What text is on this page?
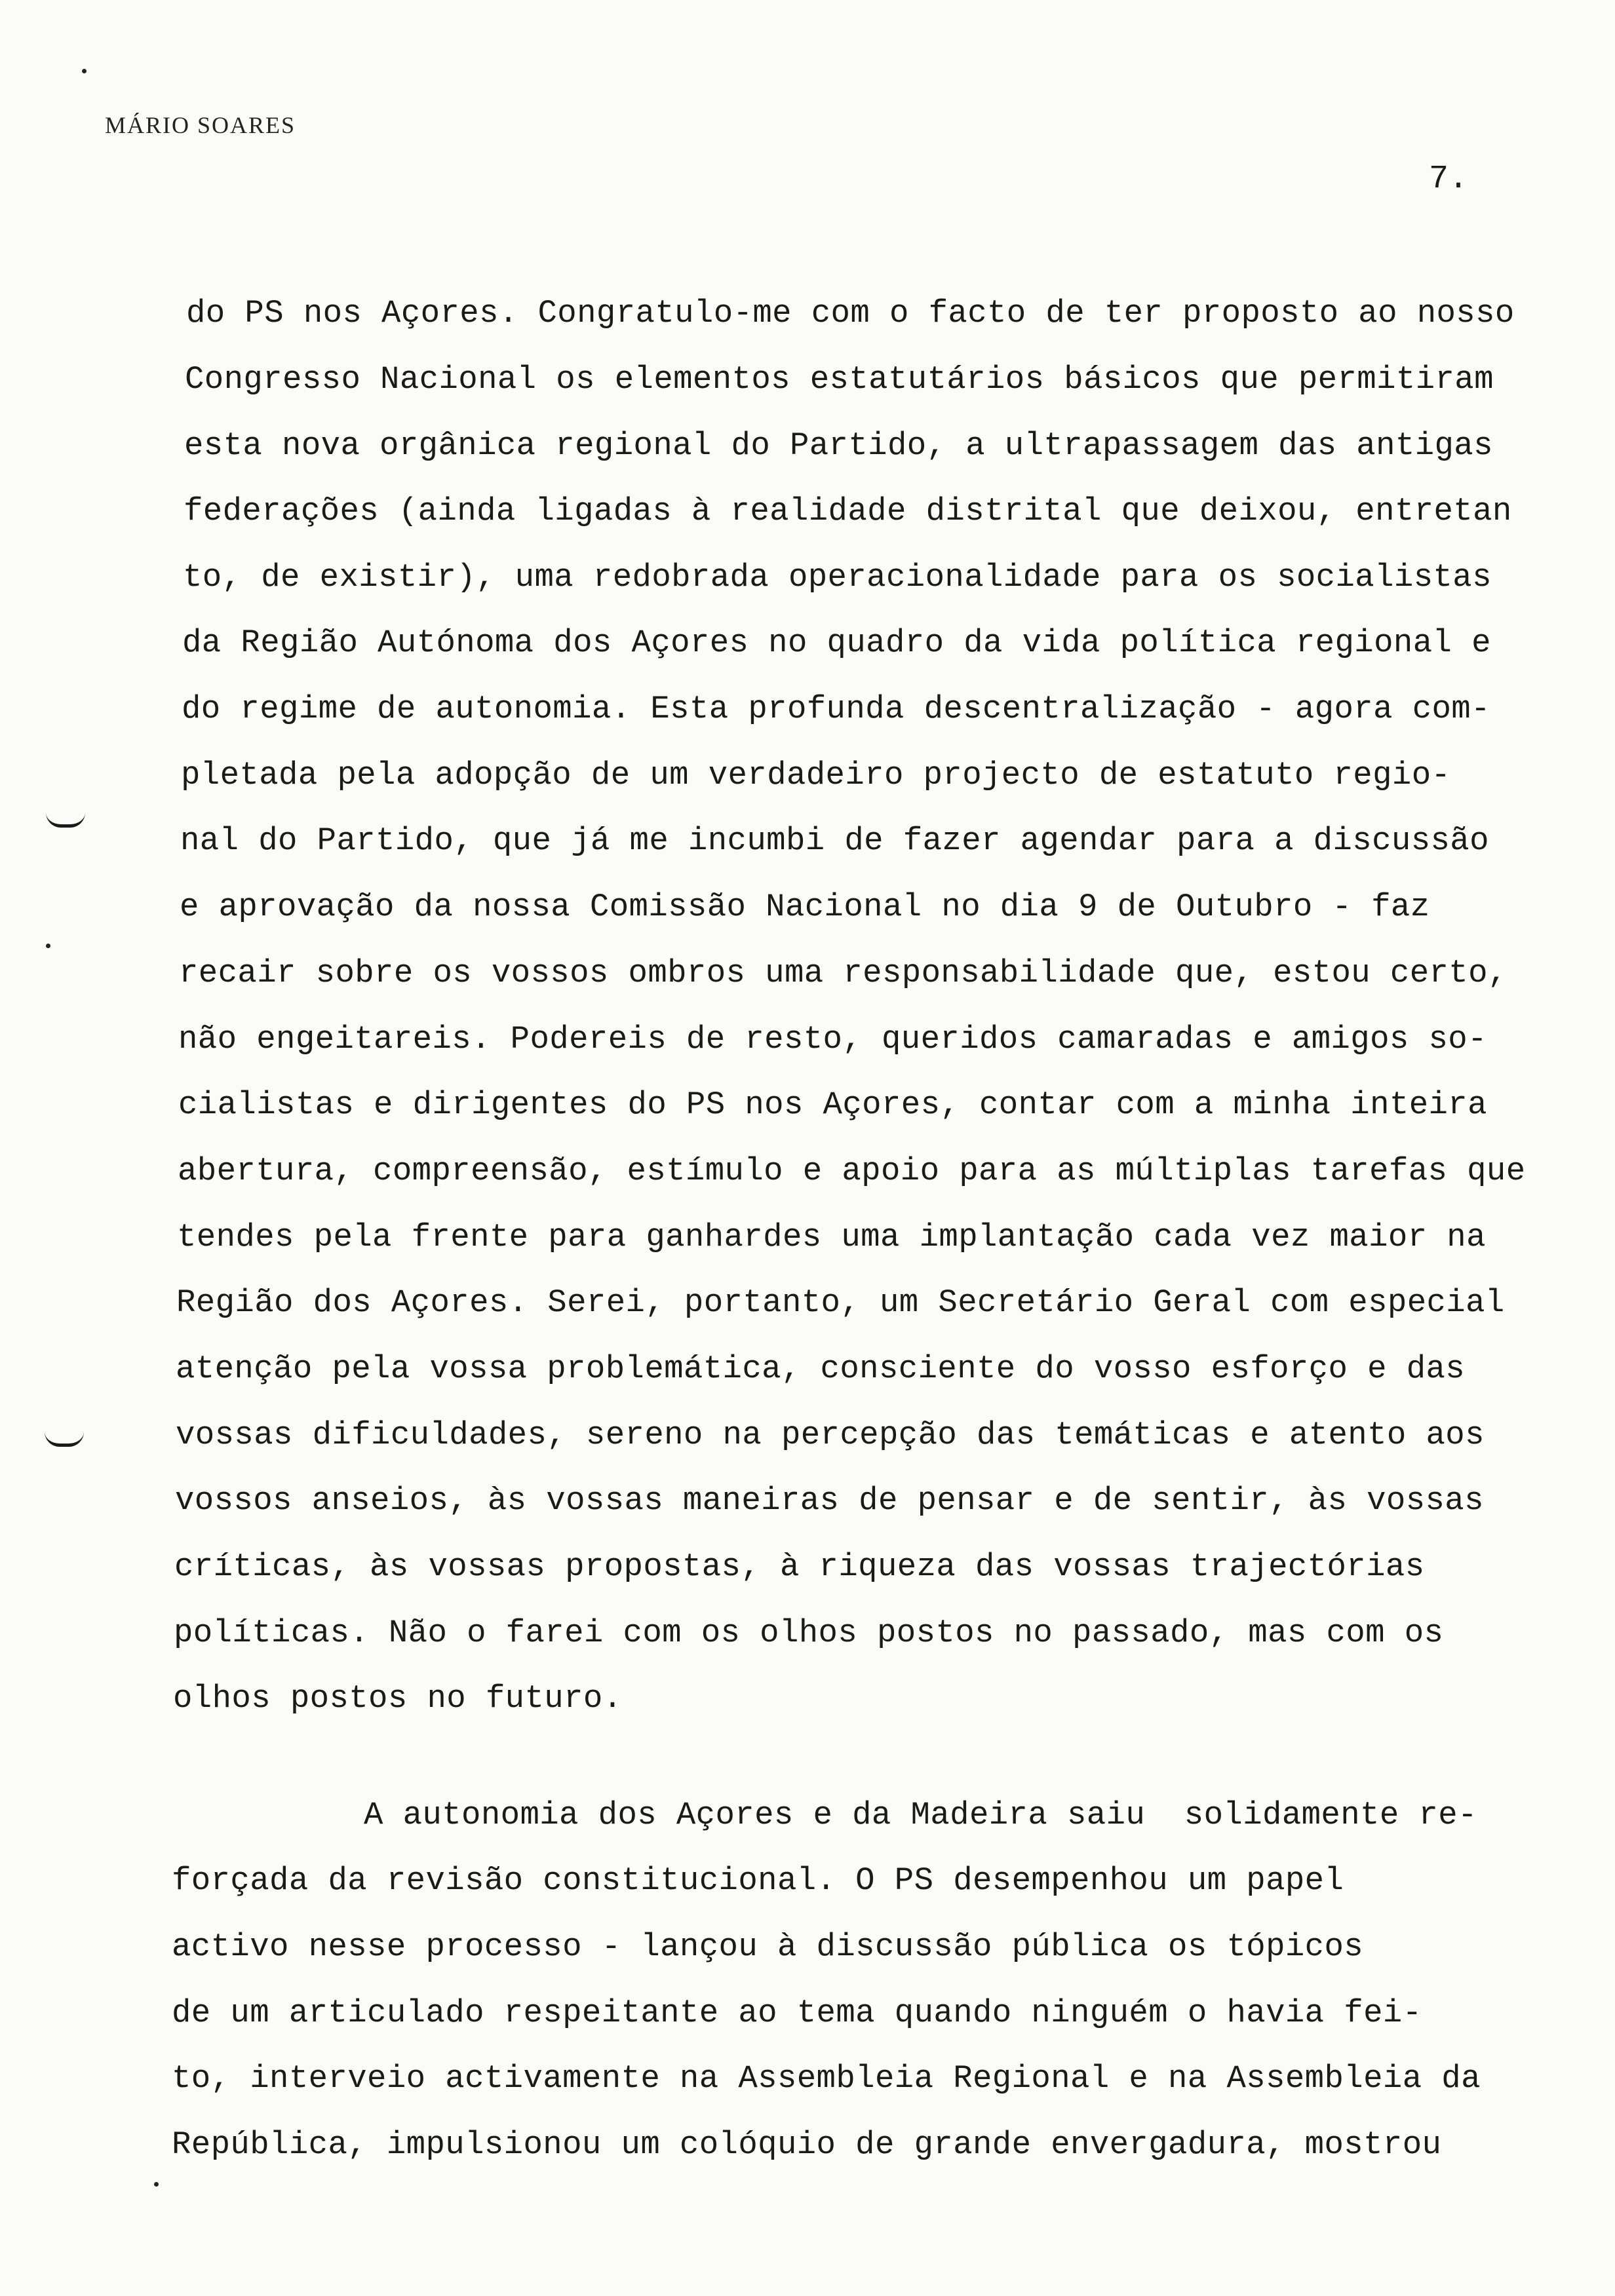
MÁRIO SOARES
7.
do PS nos Açores. Congratulo-me com o facto de ter proposto ao nosso
Congresso Nacional os elementos estatutários básicos que permitiram
esta nova orgânica regional do Partido, a ultrapassagem das antigas
federações (ainda ligadas à realidade distrital que deixou, entretan
to, de existir), uma redobrada operacionalidade para os socialistas
da Região Autónoma dos Açores no quadro da vida política regional e
do regime de autonomia. Esta profunda descentralização - agora com-
pletada pela adopção de um verdadeiro projecto de estatuto regio-
nal do Partido, que já me incumbi de fazer agendar para a discussão
e aprovação da nossa Comissão Nacional no dia 9 de Outubro - faz
recair sobre os vossos ombros uma responsabilidade que, estou certo,
não engeitareis. Podereis de resto, queridos camaradas e amigos so-
cialistas e dirigentes do PS nos Açores, contar com a minha inteira
abertura, compreensão, estímulo e apoio para as múltiplas tarefas que
tendes pela frente para ganhardes uma implantação cada vez maior na
Região dos Açores. Serei, portanto, um Secretário Geral com especial
atenção pela vossa problemática, consciente do vosso esforço e das
vossas dificuldades, sereno na percepção das temáticas e atento aos
vossos anseios, às vossas maneiras de pensar e de sentir, às vossas
críticas, às vossas propostas, à riqueza das vossas trajectórias
políticas. Não o farei com os olhos postos no passado, mas com os
olhos postos no futuro.
A autonomia dos Açores e da Madeira saiu  solidamente re-
forçada da revisão constitucional. O PS desempenhou um papel
activo nesse processo - lançou à discussão pública os tópicos
de um articulado respeitante ao tema quando ninguém o havia fei-
to, interveio activamente na Assembleia Regional e na Assembleia da
República, impulsionou um colóquio de grande envergadura, mostrou
